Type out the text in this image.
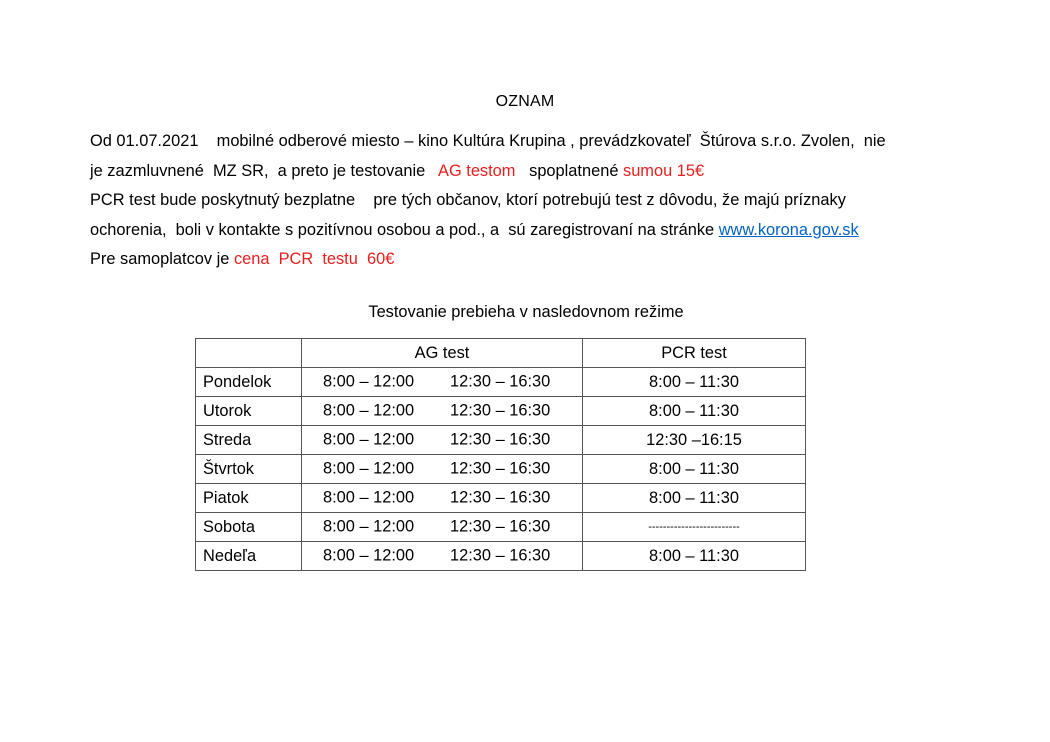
OZNAM
Od 01.07.2021    mobilné odberové miesto – kino Kultúra Krupina , prevádzkovateľ  Štúrova s.r.o. Zvolen,  nie
je zazmluvnené  MZ SR,  a preto je testovanie   AG testom   spoplatnené sumou 15€
PCR test bude poskytnutý bezplatne    pre tých občanov, ktorí potrebujú test z dôvodu, že majú príznaky
ochorenia,  boli v kontakte s pozitívnou osobou a pod., a  sú zaregistrovaní na stránke www.korona.gov.sk
Pre samoplatcov je cena  PCR  testu  60€
Testovanie prebieha v nasledovnom režime
	AG test	PCR test
Pondelok	8:00 – 12:00 12:30 – 16:30	8:00 – 11:30
Utorok	8:00 – 12:00 12:30 – 16:30	8:00 – 11:30
Streda	8:00 – 12:00 12:30 – 16:30	12:30 –16:15
Štvrtok	8:00 – 12:00 12:30 – 16:30	8:00 – 11:30
Piatok	8:00 – 12:00 12:30 – 16:30	8:00 – 11:30
Sobota	8:00 – 12:00 12:30 – 16:30	-------------------------
Nedeľa	8:00 – 12:00 12:30 – 16:30	8:00 – 11:30
